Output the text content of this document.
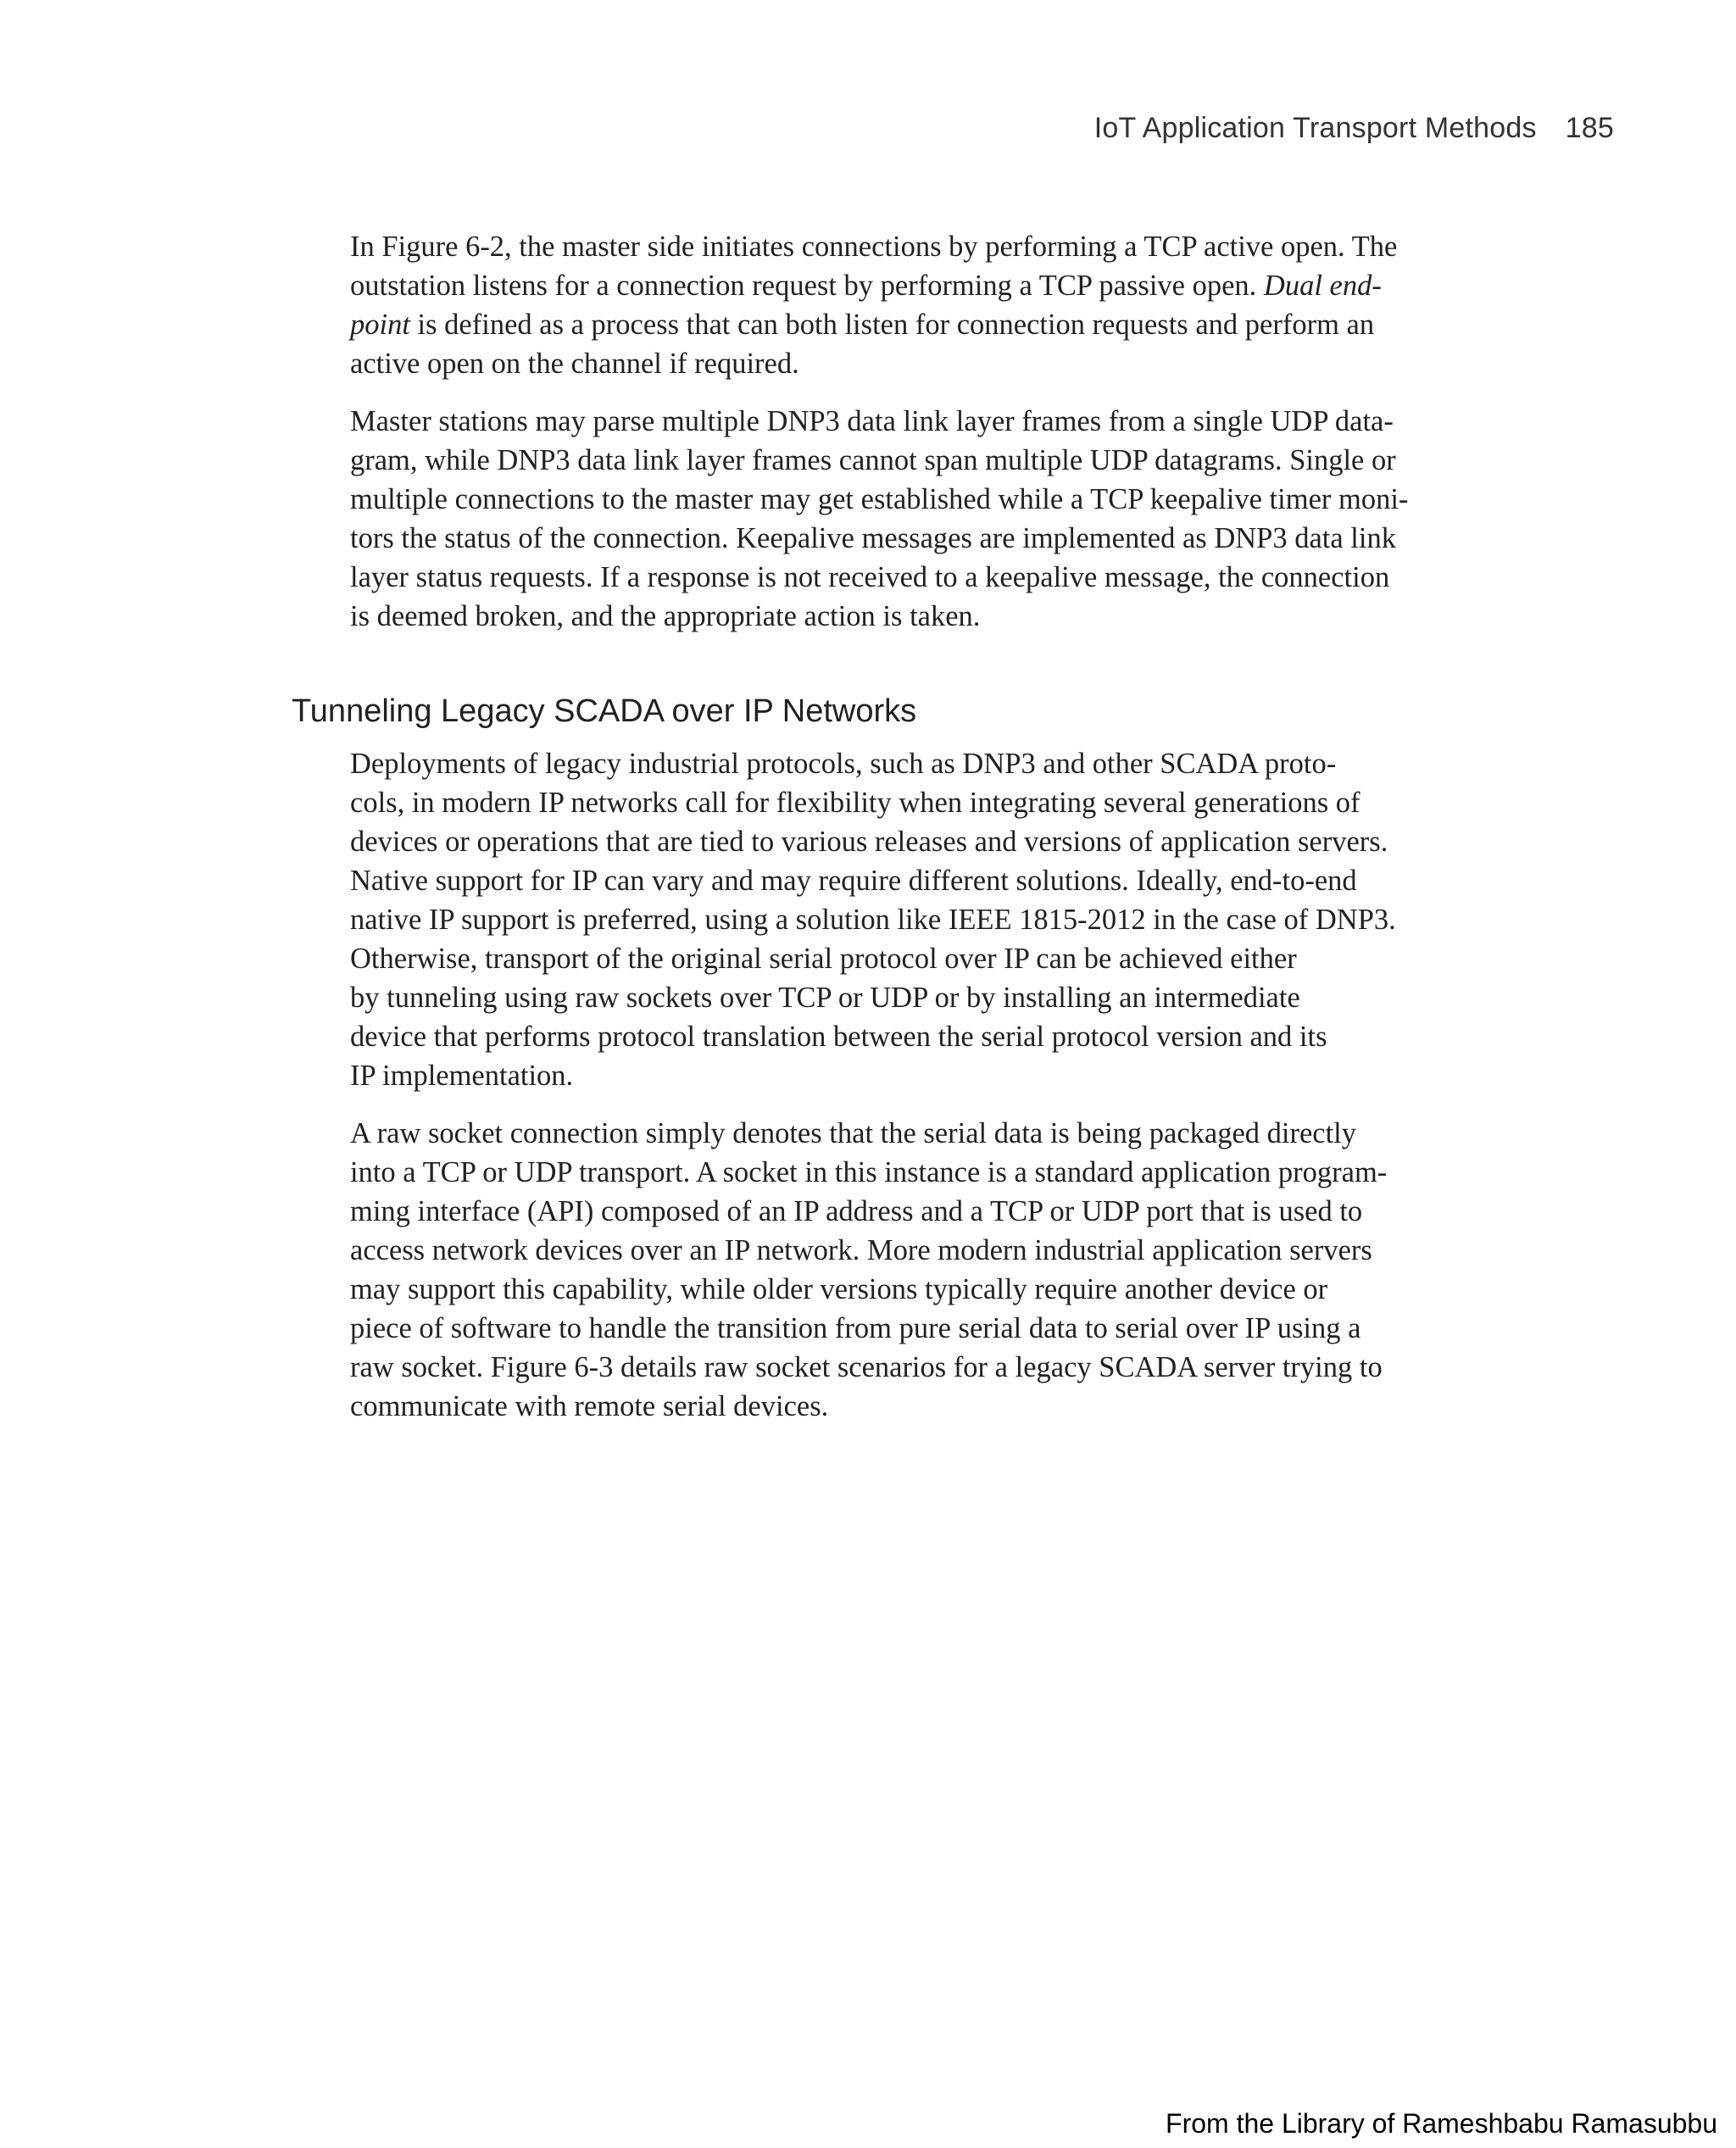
IoT Application Transport Methods 185

In Figure 6-2, the master side initiates connections by performing a TCP active open. The
outstation listens for a connection request by performing a TCP passive open. Dual end-
point is defined as a process that can both listen for connection requests and perform an
active open on the channel if required.

Master stations may parse multiple DNP3 data link layer frames from a single UDP data-
gram, while DNP3 data link layer frames cannot span multiple UDP datagrams. Single or
multiple connections to the master may get established while a TCP keepalive timer moni-
tors the status of the connection. Keepalive messages are implemented as DNP3 data link
layer status requests. If a response is not received to a keepalive message, the connection
is deemed broken, and the appropriate action is taken.

Tunneling Legacy SCADA over IP Networks

Deployments of legacy industrial protocols, such as DNP3 and other SCADA proto-
cols, in modern IP networks call for flexibility when integrating several generations of
devices or operations that are tied to various releases and versions of application servers.
Native support for IP can vary and may require different solutions. Ideally, end-to-end
native IP support is preferred, using a solution like IEEE 1815-2012 in the case of DNP3.
Otherwise, transport of the original serial protocol over IP can be achieved either
by tunneling using raw sockets over TCP or UDP or by installing an intermediate
device that performs protocol translation between the serial protocol version and its
IP implementation.

A raw socket connection simply denotes that the serial data is being packaged directly
into a TCP or UDP transport. A socket in this instance is a standard application program-
ming interface (API) composed of an IP address and a TCP or UDP port that is used to
access network devices over an IP network. More modern industrial application servers
may support this capability, while older versions typically require another device or
piece of software to handle the transition from pure serial data to serial over IP using a
raw socket. Figure 6-3 details raw socket scenarios for a legacy SCADA server trying to
communicate with remote serial devices.

From the Library of Rameshbabu Ramasubbu
